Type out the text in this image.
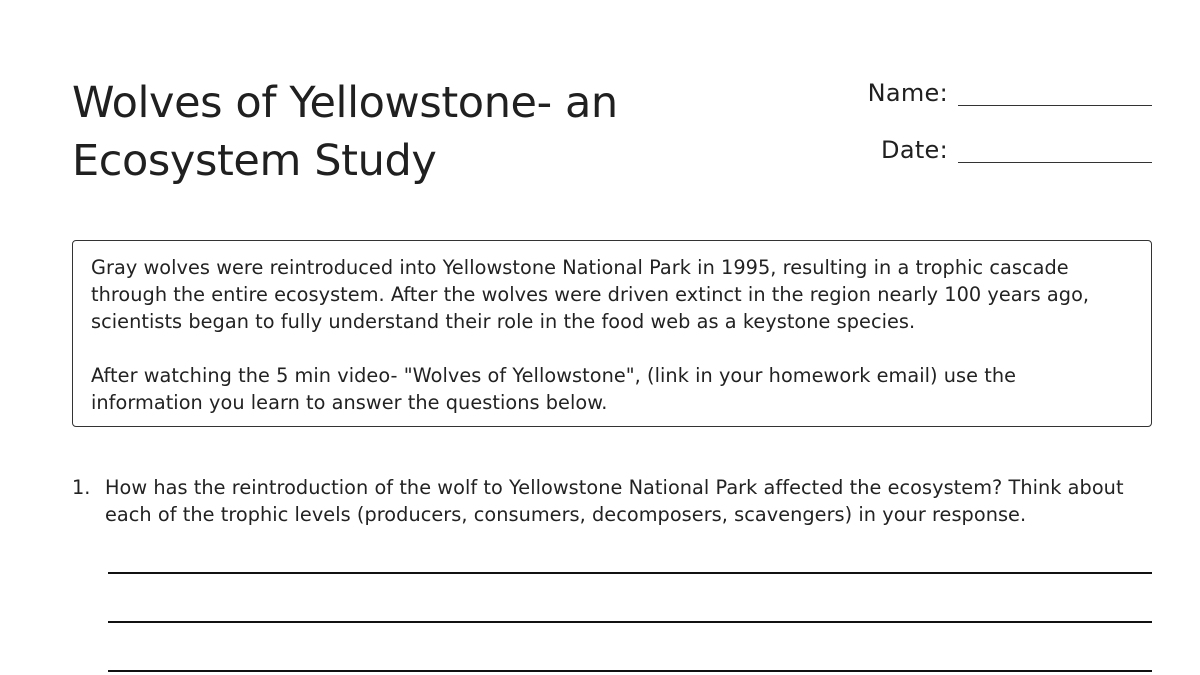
Wolves of Yellowstone- an Ecosystem Study
Name:
Date:

Gray wolves were reintroduced into Yellowstone National Park in 1995, resulting in a trophic cascade through the entire ecosystem. After the wolves were driven extinct in the region nearly 100 years ago, scientists began to fully understand their role in the food web as a keystone species.

After watching the 5 min video- "Wolves of Yellowstone", (link in your homework email) use the information you learn to answer the questions below.

1. How has the reintroduction of the wolf to Yellowstone National Park affected the ecosystem? Think about each of the trophic levels (producers, consumers, decomposers, scavengers) in your response.
